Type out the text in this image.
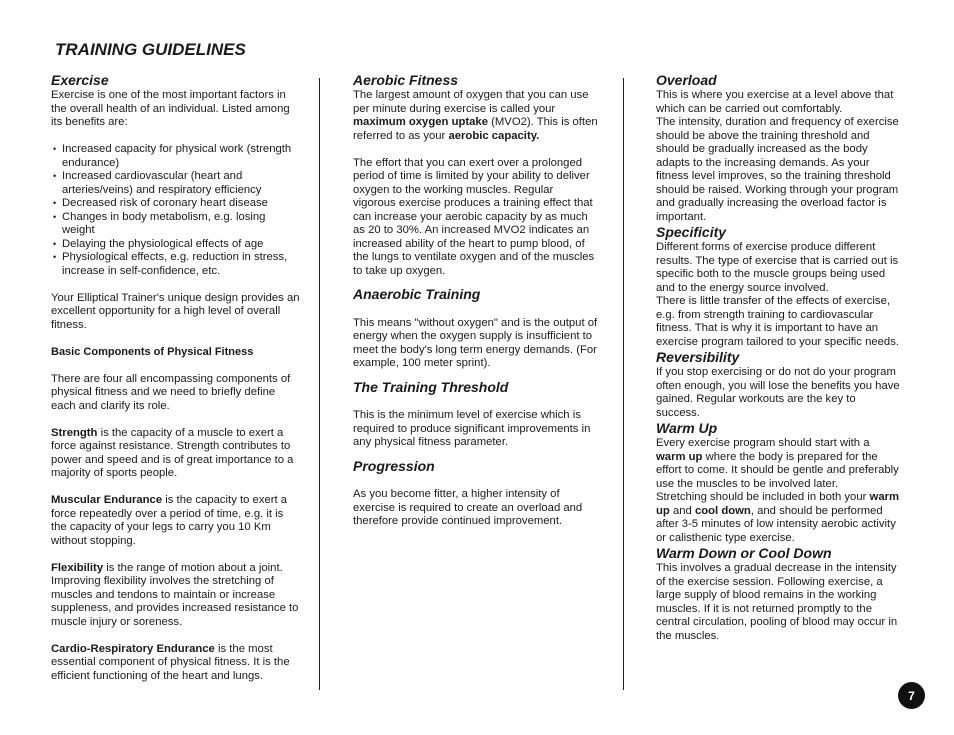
TRAINING GUIDELINES
Exercise

Exercise is one of the most important factors in the overall health of an individual. Listed among its benefits are:

• Increased capacity for physical work (strength endurance)
• Increased cardiovascular (heart and arteries/veins) and respiratory efficiency
• Decreased risk of coronary heart disease
• Changes in body metabolism, e.g. losing weight
• Delaying the physiological effects of age
• Physiological effects, e.g. reduction in stress, increase in self-confidence, etc.

Your Elliptical Trainer's unique design provides an excellent opportunity for a high level of overall fitness.

Basic Components of Physical Fitness

There are four all encompassing components of physical fitness and we need to briefly define each and clarify its role.

Strength is the capacity of a muscle to exert a force against resistance. Strength contributes to power and speed and is of great importance to a majority of sports people.

Muscular Endurance is the capacity to exert a force repeatedly over a period of time, e.g. it is the capacity of your legs to carry you 10 Km without stopping.

Flexibility is the range of motion about a joint. Improving flexibility involves the stretching of muscles and tendons to maintain or increase suppleness, and provides increased resistance to muscle injury or soreness.

Cardio-Respiratory Endurance is the most essential component of physical fitness. It is the efficient functioning of the heart and lungs.

Aerobic Fitness

The largest amount of oxygen that you can use per minute during exercise is called your maximum oxygen uptake (MVO2). This is often referred to as your aerobic capacity.

The effort that you can exert over a prolonged period of time is limited by your ability to deliver oxygen to the working muscles. Regular vigorous exercise produces a training effect that can increase your aerobic capacity by as much as 20 to 30%. An increased MVO2 indicates an increased ability of the heart to pump blood, of the lungs to ventilate oxygen and of the muscles to take up oxygen.

Anaerobic Training

This means "without oxygen" and is the output of energy when the oxygen supply is insufficient to meet the body's long term energy demands. (For example, 100 meter sprint).

The Training Threshold

This is the minimum level of exercise which is required to produce significant improvements in any physical fitness parameter.

Progression

As you become fitter, a higher intensity of exercise is required to create an overload and therefore provide continued improvement.

Overload

This is where you exercise at a level above that which can be carried out comfortably.

The intensity, duration and frequency of exercise should be above the training threshold and should be gradually increased as the body adapts to the increasing demands. As your fitness level improves, so the training threshold should be raised. Working through your program and gradually increasing the overload factor is important.

Specificity

Different forms of exercise produce different results. The type of exercise that is carried out is specific both to the muscle groups being used and to the energy source involved.

There is little transfer of the effects of exercise, e.g. from strength training to cardiovascular fitness. That is why it is important to have an exercise program tailored to your specific needs.

Reversibility

If you stop exercising or do not do your program often enough, you will lose the benefits you have gained. Regular workouts are the key to success.

Warm Up

Every exercise program should start with a warm up where the body is prepared for the effort to come. It should be gentle and preferably use the muscles to be involved later.

Stretching should be included in both your warm up and cool down, and should be performed after 3-5 minutes of low intensity aerobic activity or calisthenic type exercise.

Warm Down or Cool Down

This involves a gradual decrease in the intensity of the exercise session. Following exercise, a large supply of blood remains in the working muscles. If it is not returned promptly to the central circulation, pooling of blood may occur in the muscles.

7
